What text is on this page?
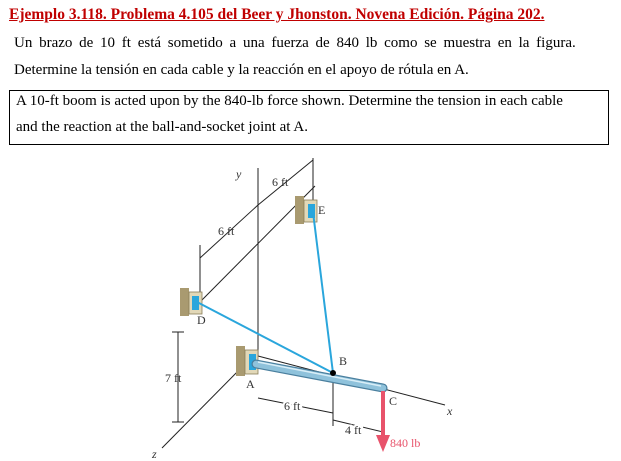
Ejemplo 3.118. Problema 4.105 del Beer y Jhonston. Novena Edición. Página 202.
Un brazo de 10 ft está sometido a una fuerza de 840 lb como se muestra en la figura.
Determine la tensión en cada cable y la reacción en el apoyo de rótula en A.
A 10-ft boom is acted upon by the 840-lb force shown. Determine the tension in each cable
and the reaction at the ball-and-socket joint at A.
y
x
z
E
D
A
B
C
6 ft
6 ft
7 ft
6 ft
4 ft
840 lb
